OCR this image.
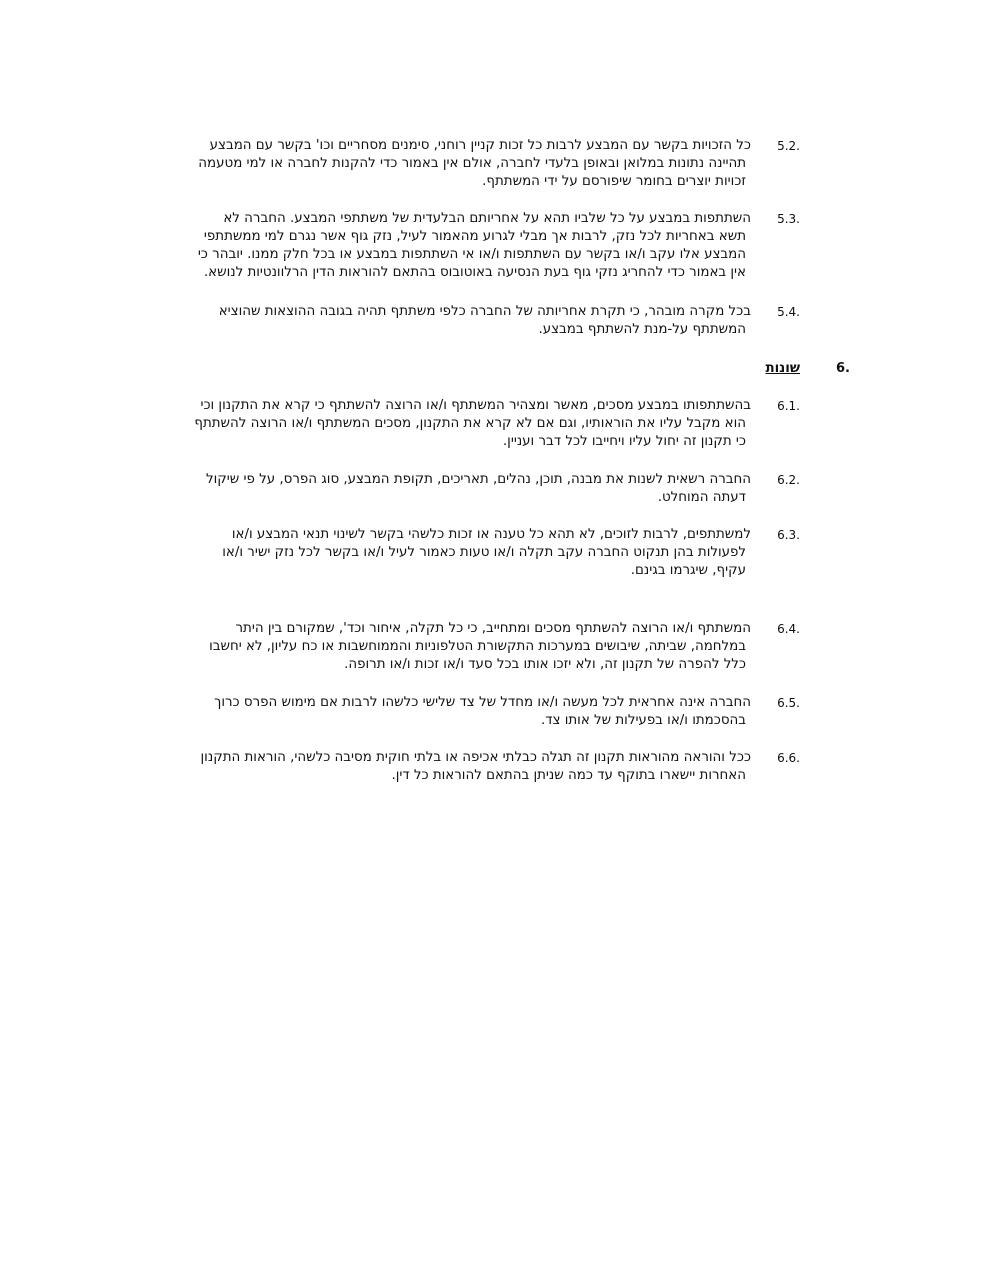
5.2.
כל הזכויות בקשר עם המבצע לרבות כל זכות קניין רוחני, סימנים מסחריים וכו' בקשר עם המבצע
תהיינה נתונות במלואן ובאופן בלעדי לחברה, אולם אין באמור כדי להקנות לחברה או למי מטעמה
זכויות יוצרים בחומר שיפורסם על ידי המשתתף.
5.3.
השתתפות במבצע על כל שלביו תהא על אחריותם הבלעדית של משתתפי המבצע. החברה לא
תשא באחריות לכל נזק, לרבות אך מבלי לגרוע מהאמור לעיל, נזק גוף אשר נגרם למי ממשתתפי
המבצע אלו עקב ו/או בקשר עם השתתפות ו/או אי השתתפות במבצע או בכל חלק ממנו. יובהר כי
אין באמור כדי להחריג נזקי גוף בעת הנסיעה באוטובוס בהתאם להוראות הדין הרלוונטיות לנושא.
5.4.
בכל מקרה מובהר, כי תקרת אחריותה של החברה כלפי משתתף תהיה בגובה ההוצאות שהוציא
המשתתף על-מנת להשתתף במבצע.
6.
שונות
6.1.
בהשתתפותו במבצע מסכים, מאשר ומצהיר המשתתף ו/או הרוצה להשתתף כי קרא את התקנון וכי
הוא מקבל עליו את הוראותיו, וגם אם לא קרא את התקנון, מסכים המשתתף ו/או הרוצה להשתתף
כי תקנון זה יחול עליו ויחייבו לכל דבר ועניין.
6.2.
החברה רשאית לשנות את מבנה, תוכן, נהלים, תאריכים, תקופת המבצע, סוג הפרס, על פי שיקול
דעתה המוחלט.
6.3.
למשתתפים, לרבות לזוכים, לא תהא כל טענה או זכות כלשהי בקשר לשינוי תנאי המבצע ו/או
לפעולות בהן תנקוט החברה עקב תקלה ו/או טעות כאמור לעיל ו/או בקשר לכל נזק ישיר ו/או
עקיף, שיגרמו בגינם.
6.4.
המשתתף ו/או הרוצה להשתתף מסכים ומתחייב, כי כל תקלה, איחור וכד', שמקורם בין היתר
במלחמה, שביתה, שיבושים במערכות התקשורת הטלפוניות והממוחשבות או כח עליון, לא יחשבו
כלל להפרה של תקנון זה, ולא יזכו אותו בכל סעד ו/או זכות ו/או תרופה.
6.5.
החברה אינה אחראית לכל מעשה ו/או מחדל של צד שלישי כלשהו לרבות אם מימוש הפרס כרוך
בהסכמתו ו/או בפעילות של אותו צד.
6.6.
ככל והוראה מהוראות תקנון זה תגלה כבלתי אכיפה או בלתי חוקית מסיבה כלשהי, הוראות התקנון
האחרות יישארו בתוקף עד כמה שניתן בהתאם להוראות כל דין.
